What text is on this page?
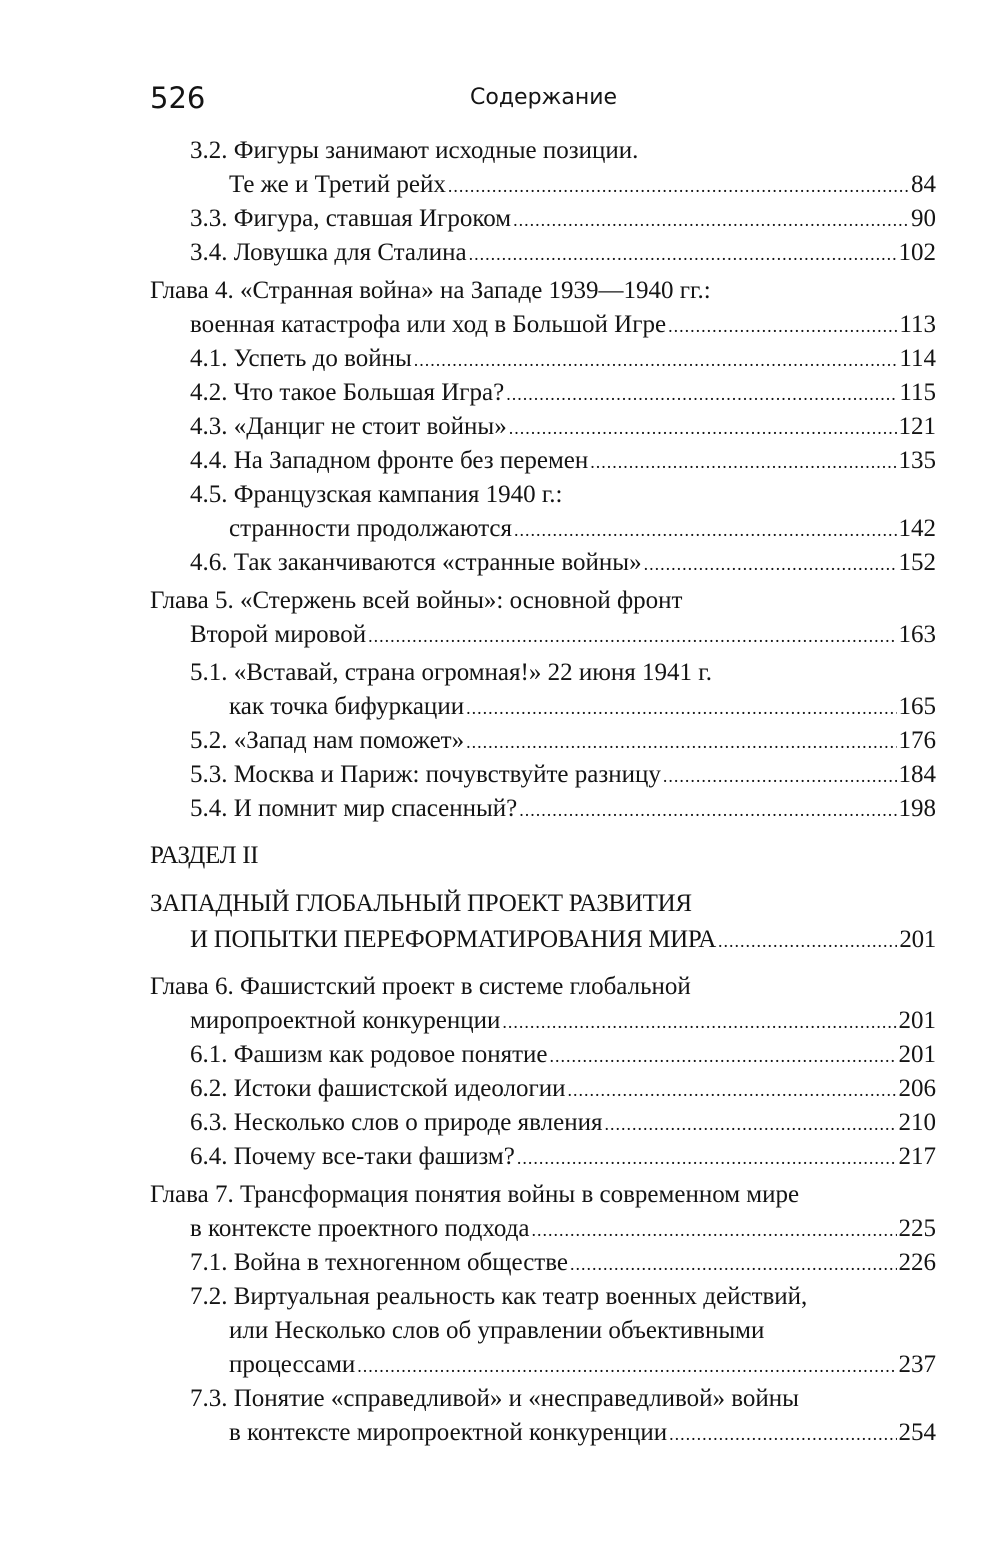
526	Содержание
3.2. Фигуры занимают исходные позиции.
Те же и Третий рейх .....	84
3.3. Фигура, ставшая Игроком .....	90
3.4. Ловушка для Сталина .....	102
Глава 4. «Странная война» на Западе 1939—1940 гг.:
военная катастрофа или ход в Большой Игре .....	113
4.1. Успеть до войны .....	114
4.2. Что такое Большая Игра? .....	115
4.3. «Данциг не стоит войны» .....	121
4.4. На Западном фронте без перемен .....	135
4.5. Французская кампания 1940 г.:
странности продолжаются .....	142
4.6. Так заканчиваются «странные войны» .....	152
Глава 5. «Стержень всей войны»: основной фронт
Второй мировой .....	163
5.1. «Вставай, страна огромная!» 22 июня 1941 г.
как точка бифуркации .....	165
5.2. «Запад нам поможет» .....	176
5.3. Москва и Париж: почувствуйте разницу .....	184
5.4. И помнит мир спасенный? .....	198
РАЗДЕЛ II
ЗАПАДНЫЙ ГЛОБАЛЬНЫЙ ПРОЕКТ РАЗВИТИЯ
И ПОПЫТКИ ПЕРЕФОРМАТИРОВАНИЯ МИРА .....	201
Глава 6. Фашистский проект в системе глобальной
миропроектной конкуренции .....	201
6.1. Фашизм как родовое понятие .....	201
6.2. Истоки фашистской идеологии .....	206
6.3. Несколько слов о природе явления .....	210
6.4. Почему все-таки фашизм? .....	217
Глава 7. Трансформация понятия войны в современном мире
в контексте проектного подхода .....	225
7.1. Война в техногенном обществе .....	226
7.2. Виртуальная реальность как театр военных действий,
или Несколько слов об управлении объективными
процессами .....	237
7.3. Понятие «справедливой» и «несправедливой» войны
в контексте миропроектной конкуренции .....	254
